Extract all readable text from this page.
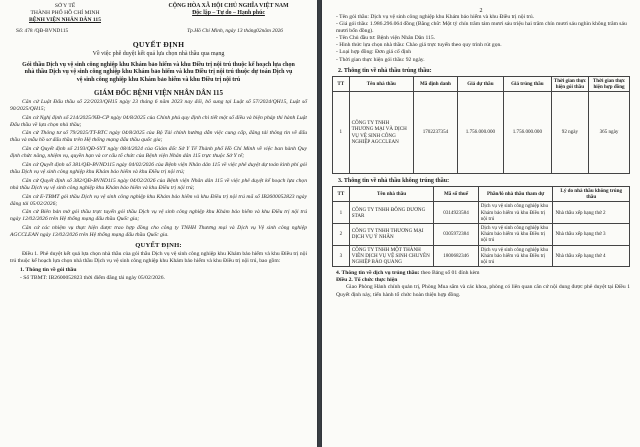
SỞ Y TẾ
THÀNH PHỐ HỒ CHÍ MINH
BỆNH VIỆN NHÂN DÂN 115
CỘNG HÒA XÃ HỘI CHỦ NGHĨA VIỆT NAM
Độc lập – Tự do – Hạnh phúc
Số: 478 /QĐ-BVND115	Tp.Hồ Chí Minh, ngày 13 tháng02năm 2026
QUYẾT ĐỊNH
Về việc phê duyệt kết quả lựa chọn nhà thầu qua mạng
Gói thầu Dịch vụ vệ sinh công nghiệp khu Khám bảo hiểm và khu Điều trị nội trú thuộc kế hoạch lựa chọn nhà thầu Dịch vụ vệ sinh công nghiệp khu Khám bảo hiểm và khu Điều trị nội trú thuộc dự toán Dịch vụ vệ sinh công nghiệp khu Khám bảo hiểm và khu Điều trị nội trú
GIÁM ĐỐC BỆNH VIỆN NHÂN DÂN 115
Căn cứ Luật Đấu thầu số 22/2023/QH15 ngày 23 tháng 6 năm 2023 nay đổi, bổ sung tại Luật số 57/2024/QH15, Luật số 90/2025/QH15;
Căn cứ Nghị định số 214/2025/NĐ-CP ngày 04/8/2025 của Chính phủ quy định chi tiết một số điều và biện pháp thi hành Luật Đấu thầu về lựa chọn nhà thầu;
Căn cứ Thông tư số 79/2025/TT-BTC ngày 04/8/2025 của Bộ Tài chính hướng dẫn việc cung cấp, đăng tải thông tin về đấu thầu và mẫu hồ sơ đấu thầu trên Hệ thống mạng đấu thầu quốc gia;
Căn cứ Quyết định số 2193/QĐ-SYT ngày 08/4/2024 của Giám đốc Sở Y Tế Thành phố Hồ Chí Minh về việc ban hành Quy định chức năng, nhiệm vụ, quyền hạn và cơ cấu tổ chức của Bệnh viện Nhân dân 115 trực thuộc Sở Y tế;
Căn cứ Quyết định số 381/QĐ-BVND115 ngày 04/02/2026 của Bệnh viện Nhân dân 115 về việc phê duyệt dự toán kinh phí gói thầu Dịch vụ vệ sinh công nghiệp khu Khám bảo hiểm và khu Điều trị nội trú;
Căn cứ Quyết định số 382/QĐ-BVND115 ngày 04/02/2026 của Bệnh viện Nhân dân 115 về việc phê duyệt kế hoạch lựa chọn nhà thầu Dịch vụ vệ sinh công nghiệp khu Khám bảo hiểm và khu Điều trị nội trú;
Căn cứ E-TBMT gói thầu Dịch vụ vệ sinh công nghiệp khu Khám bảo hiểm và khu Điều trị nội trú mã số IB2600052823 ngày đăng tải 05/02/2026;
Căn cứ Biên bản mở gói thầu trực tuyến gói thầu Dịch vụ vệ sinh công nghiệp khu Khám bảo hiểm và khu Điều trị nội trú ngày 12/02/2026 trên Hệ thống mạng đấu thầu Quốc gia;
Căn cứ các nhiệm vụ thực hiện được trao hợp đồng cho công ty TNHH Thương mại và Dịch vụ Vệ sinh công nghiệp AGCCLEAN ngày 13/02/2026 trên Hệ thống mạng đấu thầu Quốc gia.
QUYẾT ĐỊNH:
Điều 1. Phê duyệt kết quả lựa chọn nhà thầu của gói thầu Dịch vụ vệ sinh công nghiệp khu Khám bảo hiểm và khu Điều trị nội trú thuộc kế hoạch lựa chọn nhà thầu Dịch vụ vệ sinh công nghiệp khu Khám bảo hiểm và khu Điều trị nội trú, bao gồm:
1. Thông tin về gói thầu
- Số TBMT: IB2600052823 thời điểm đăng tải ngày 05/02/2026.
2
- Tên gói thầu: Dịch vụ vệ sinh công nghiệp khu Khám bảo hiểm và khu Điều trị nội trú.
- Giá gói thầu: 1.986.296.064 đồng (Bằng chữ: Một tỷ chín trăm tám mươi sáu triệu hai trăm chín mươi sáu nghìn không trăm sáu mươi bốn đồng).
- Tên Chủ đầu tư: Bệnh viện Nhân Dân 115.
- Hình thức lựa chọn nhà thầu: Chào giá trực tuyến theo quy trình rút gọn.
- Loại hợp đồng: Đơn giá cố định
- Thời gian thực hiện gói thầu: 92 ngày.
2. Thông tin về nhà thầu trúng thầu:
TT	Tên nhà thầu	Mã định danh	Giá dự thầu	Giá trúng thầu	Thời gian thực hiện gói thầu	Thời gian thực hiện hợp đồng
1	CÔNG TY TNHH THƯƠNG MẠI VÀ DỊCH VỤ VỆ SINH CÔNG NGHIỆP AGCCLEAN	1702237354	1.756.000.000	1.756.000.000	92 ngày	365 ngày
3. Thông tin về nhà thầu không trúng thầu:
TT	Tên nhà thầu	Mã số thuế	Phần/lô nhà thầu tham dự	Lý do nhà thầu không trúng thầu
1	CÔNG TY TNHH ĐÔNG DƯƠNG STAR	0314923584	Dịch vụ vệ sinh công nghiệp khu Khám bảo hiểm và khu Điều trị nội trú	Nhà thầu xếp hạng thứ 2
2	CÔNG TY TNHH THƯƠNG MẠI DỊCH VỤ Ý NHÂN	0305972384	Dịch vụ vệ sinh công nghiệp khu Khám bảo hiểm và khu Điều trị nội trú	Nhà thầu xếp hạng thứ 3
3	CÔNG TY TNHH MỘT THÀNH VIÊN DỊCH VỤ VỆ SINH CHUYÊN NGHIỆP BẢO QUANG	1800682346	Dịch vụ vệ sinh công nghiệp khu Khám bảo hiểm và khu Điều trị nội trú	Nhà thầu xếp hạng thứ 4
4. Thông tin về dịch vụ trúng thầu: theo Bảng số 01 đính kèm
Điều 2. Tổ chức thực hiện
Giao Phòng Hành chính quản trị, Phòng Mua sắm và các khoa, phòng có liên quan căn cứ nội dung được phê duyệt tại Điều 1 Quyết định này, tiến hành tổ chức hoàn thiện hợp đồng.
